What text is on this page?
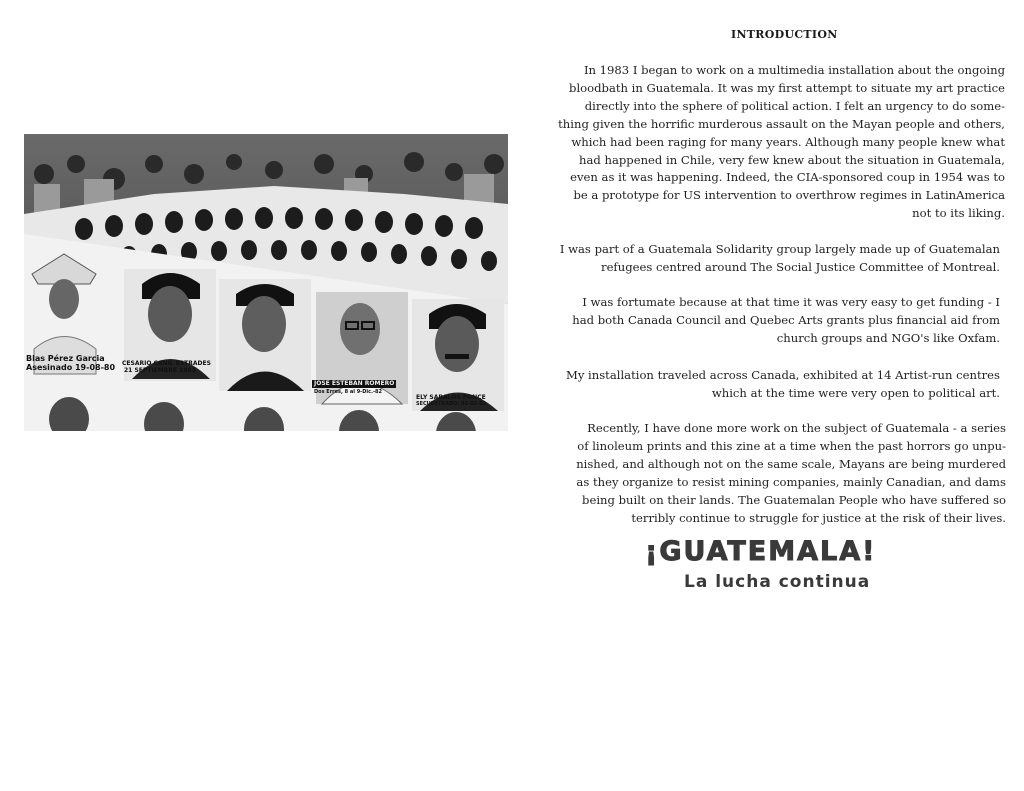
Blas Pérez Garcia
Asesinado 19-08-80 CESARIO CANIL ESTRADES
21 SEPTIEMBRE 1983
JOSE ESTEBAN ROMERO
Dos Erres, 8 al 9-Dic.-82
ELY SABALOS PONCE
SECUESTRADO: 02-02-82
INTRODUCTION

In 1983 I began to work on a multimedia installation about the ongoing
bloodbath in Guatemala. It was my first attempt to situate my art practice
directly into the sphere of political action. I felt an urgency to do some-
thing given the horrific murderous assault on the Mayan people and others,
which had been raging for many years. Although many people knew what
had happened in Chile, very few knew about the situation in Guatemala,
even as it was happening. Indeed, the CIA-sponsored coup in 1954 was to
be a prototype for US intervention to overthrow regimes in LatinAmerica
not to its liking.

I was part of a Guatemala Solidarity group largely made up of Guatemalan
refugees centred around The Social Justice Committee of Montreal.

I was fortumate because at that time it was very easy to get funding - I
had both Canada Council and Quebec Arts grants plus financial aid from
church groups and NGO's like Oxfam.

My installation traveled across Canada, exhibited at 14 Artist-run centres
which at the time were very open to political art.

Recently, I have done more work on the subject of Guatemala - a series
of linoleum prints and this zine at a time when the past horrors go unpu-
nished, and although not on the same scale, Mayans are being murdered
as they organize to resist mining companies, mainly Canadian, and dams
being built on their lands. The Guatemalan People who have suffered so
terribly continue to struggle for justice at the risk of their lives.

¡GUATEMALA!
La lucha continua
